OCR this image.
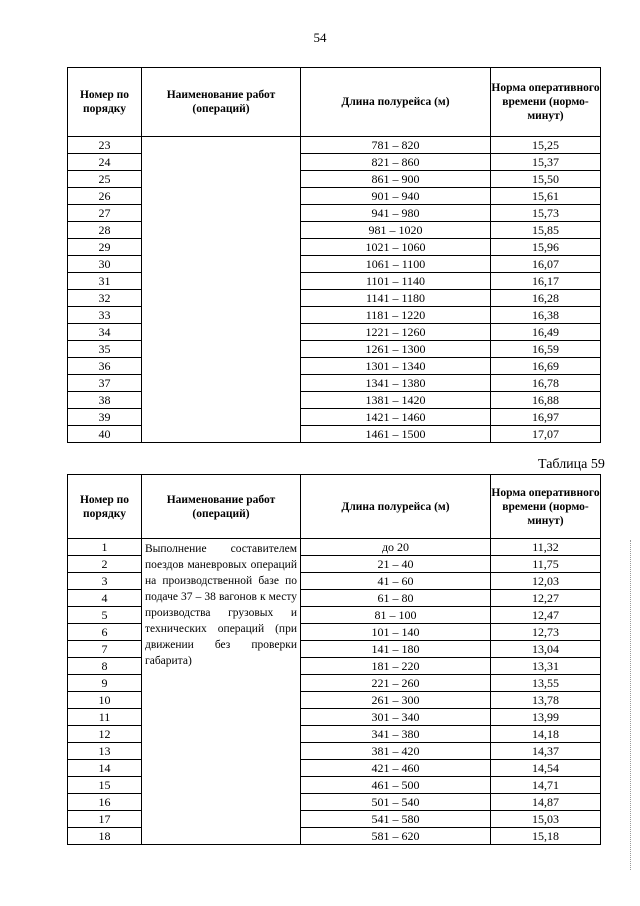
54
Номер по порядку	Наименование работ (операций)	Длина полурейса (м)	Норма оперативного времени (нормо-минут)
23		781 – 820	15,25
24		821 – 860	15,37
25		861 – 900	15,50
26		901 – 940	15,61
27		941 – 980	15,73
28		981 – 1020	15,85
29		1021 – 1060	15,96
30		1061 – 1100	16,07
31		1101 – 1140	16,17
32		1141 – 1180	16,28
33		1181 – 1220	16,38
34		1221 – 1260	16,49
35		1261 – 1300	16,59
36		1301 – 1340	16,69
37		1341 – 1380	16,78
38		1381 – 1420	16,88
39		1421 – 1460	16,97
40		1461 – 1500	17,07
Таблица 59
Номер по порядку	Наименование работ (операций)	Длина полурейса (м)	Норма оперативного времени (нормо-минут)
1	Выполнение составителем поездов маневровых операций на производственной базе по подаче 37 – 38 вагонов к месту производства грузовых и технических операций (при движении без проверки габарита)	до 20	11,32
2		21 – 40	11,75
3		41 – 60	12,03
4		61 – 80	12,27
5		81 – 100	12,47
6		101 – 140	12,73
7		141 – 180	13,04
8		181 – 220	13,31
9		221 – 260	13,55
10		261 – 300	13,78
11		301 – 340	13,99
12		341 – 380	14,18
13		381 – 420	14,37
14		421 – 460	14,54
15		461 – 500	14,71
16		501 – 540	14,87
17		541 – 580	15,03
18		581 – 620	15,18
